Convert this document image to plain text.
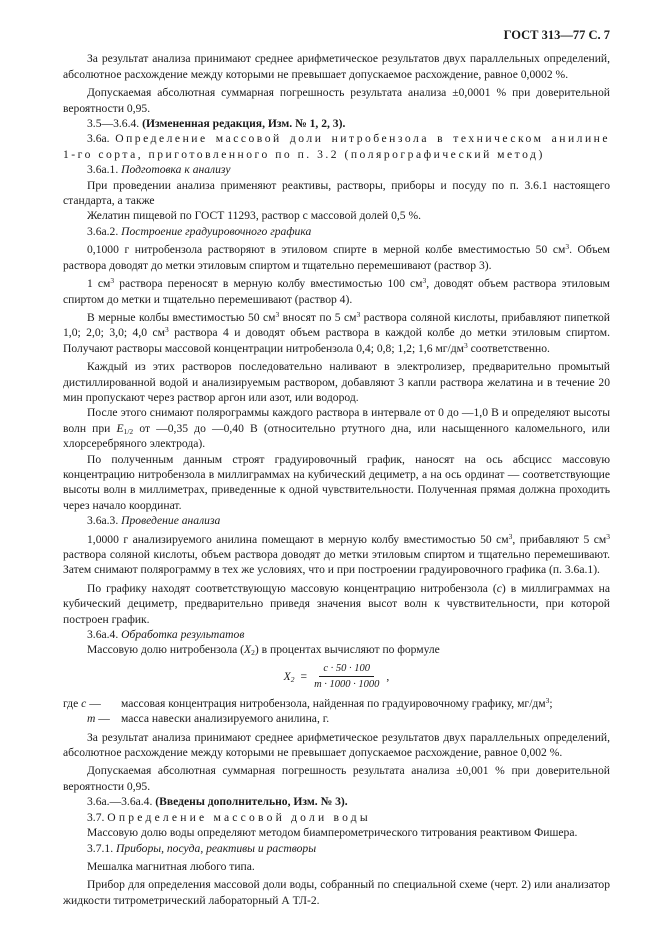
ГОСТ 313—77 С. 7

За результат анализа принимают среднее арифметическое результатов двух параллельных определений, абсолютное расхождение между которыми не превышает допускаемое расхождение, равное 0,0002 %.

Допускаемая абсолютная суммарная погрешность результата анализа ±0,0001 % при доверительной вероятности 0,95.

3.5—3.6.4. (Измененная редакция, Изм. № 1, 2, 3).

3.6а. Определение массовой доли нитробензола в техническом анилине 1-го сорта, приготовленного по п. 3.2 (полярографический метод)

3.6а.1. Подготовка к анализу

При проведении анализа применяют реактивы, растворы, приборы и посуду по п. 3.6.1 настоящего стандарта, а также

Желатин пищевой по ГОСТ 11293, раствор с массовой долей 0,5 %.

3.6а.2. Построение градуировочного графика

0,1000 г нитробензола растворяют в этиловом спирте в мерной колбе вместимостью 50 $см^3$. Объем раствора доводят до метки этиловым спиртом и тщательно перемешивают (раствор 3).

1 $см^3$ раствора переносят в мерную колбу вместимостью 100 $см^3$, доводят объем раствора этиловым спиртом до метки и тщательно перемешивают (раствор 4).

В мерные колбы вместимостью 50 $см^3$ вносят по 5 $см^3$ раствора соляной кислоты, прибавляют пипеткой 1,0; 2,0; 3,0; 4,0 $см^3$ раствора 4 и доводят объем раствора в каждой колбе до метки этиловым спиртом. Получают растворы массовой концентрации нитробензола 0,4; 0,8; 1,2; 1,6 $мг/дм^3$ соответственно.

Каждый из этих растворов последовательно наливают в электролизер, предварительно промытый дистиллированной водой и анализируемым раствором, добавляют 3 капли раствора желатина и в течение 20 мин пропускают через раствор аргон или азот, или водород.

После этого снимают полярограммы каждого раствора в интервале от 0 до —1,0 В и определяют высоты волн при $E_{1/2}$ от —0,35 до —0,40 В (относительно ртутного дна, или насыщенного каломельного, или хлорсеребряного электрода).

По полученным данным строят градуировочный график, наносят на ось абсцисс массовую концентрацию нитробензола в миллиграммах на кубический дециметр, а на ось ординат — соответствующие высоты волн в миллиметрах, приведенные к одной чувствительности. Полученная прямая должна проходить через начало координат.

3.6а.3. Проведение анализа

1,0000 г анализируемого анилина помещают в мерную колбу вместимостью 50 $см^3$, прибавляют 5 $см^3$ раствора соляной кислоты, объем раствора доводят до метки этиловым спиртом и тщательно перемешивают. Затем снимают полярограмму в тех же условиях, что и при построении градуировочного графика (п. 3.6а.1).

По графику находят соответствующую массовую концентрацию нитробензола (c) в миллиграммах на кубический дециметр, предварительно приведя значения высот волн к чувствительности, при которой построен график.

3.6а.4. Обработка результатов

Массовую долю нитробензола $(X_2)$ в процентах вычисляют по формуле

$X_2 = \frac{c \cdot 50 \cdot 100}{m \cdot 1000 \cdot 1000}$ ,
где c —	массовая концентрация нитробензола, найденная по градуировочному графику, $мг/дм^3$;
m — масса навески анализируемого анилина, г.

За результат анализа принимают среднее арифметическое результатов двух параллельных определений, абсолютное расхождение между которыми не превышает допускаемое расхождение, равное 0,002 %.

Допускаемая абсолютная суммарная погрешность результата анализа ±0,001 % при доверительной вероятности 0,95.

3.6а.—3.6а.4. (Введены дополнительно, Изм. № 3).

3.7. Определение массовой доли воды

Массовую долю воды определяют методом биамперометрического титрования реактивом Фишера.

3.7.1. Приборы, посуда, реактивы и растворы

Мешалка магнитная любого типа.

Прибор для определения массовой доли воды, собранный по специальной схеме (черт. 2) или анализатор жидкости титрометрический лабораторный А ТЛ-2.
